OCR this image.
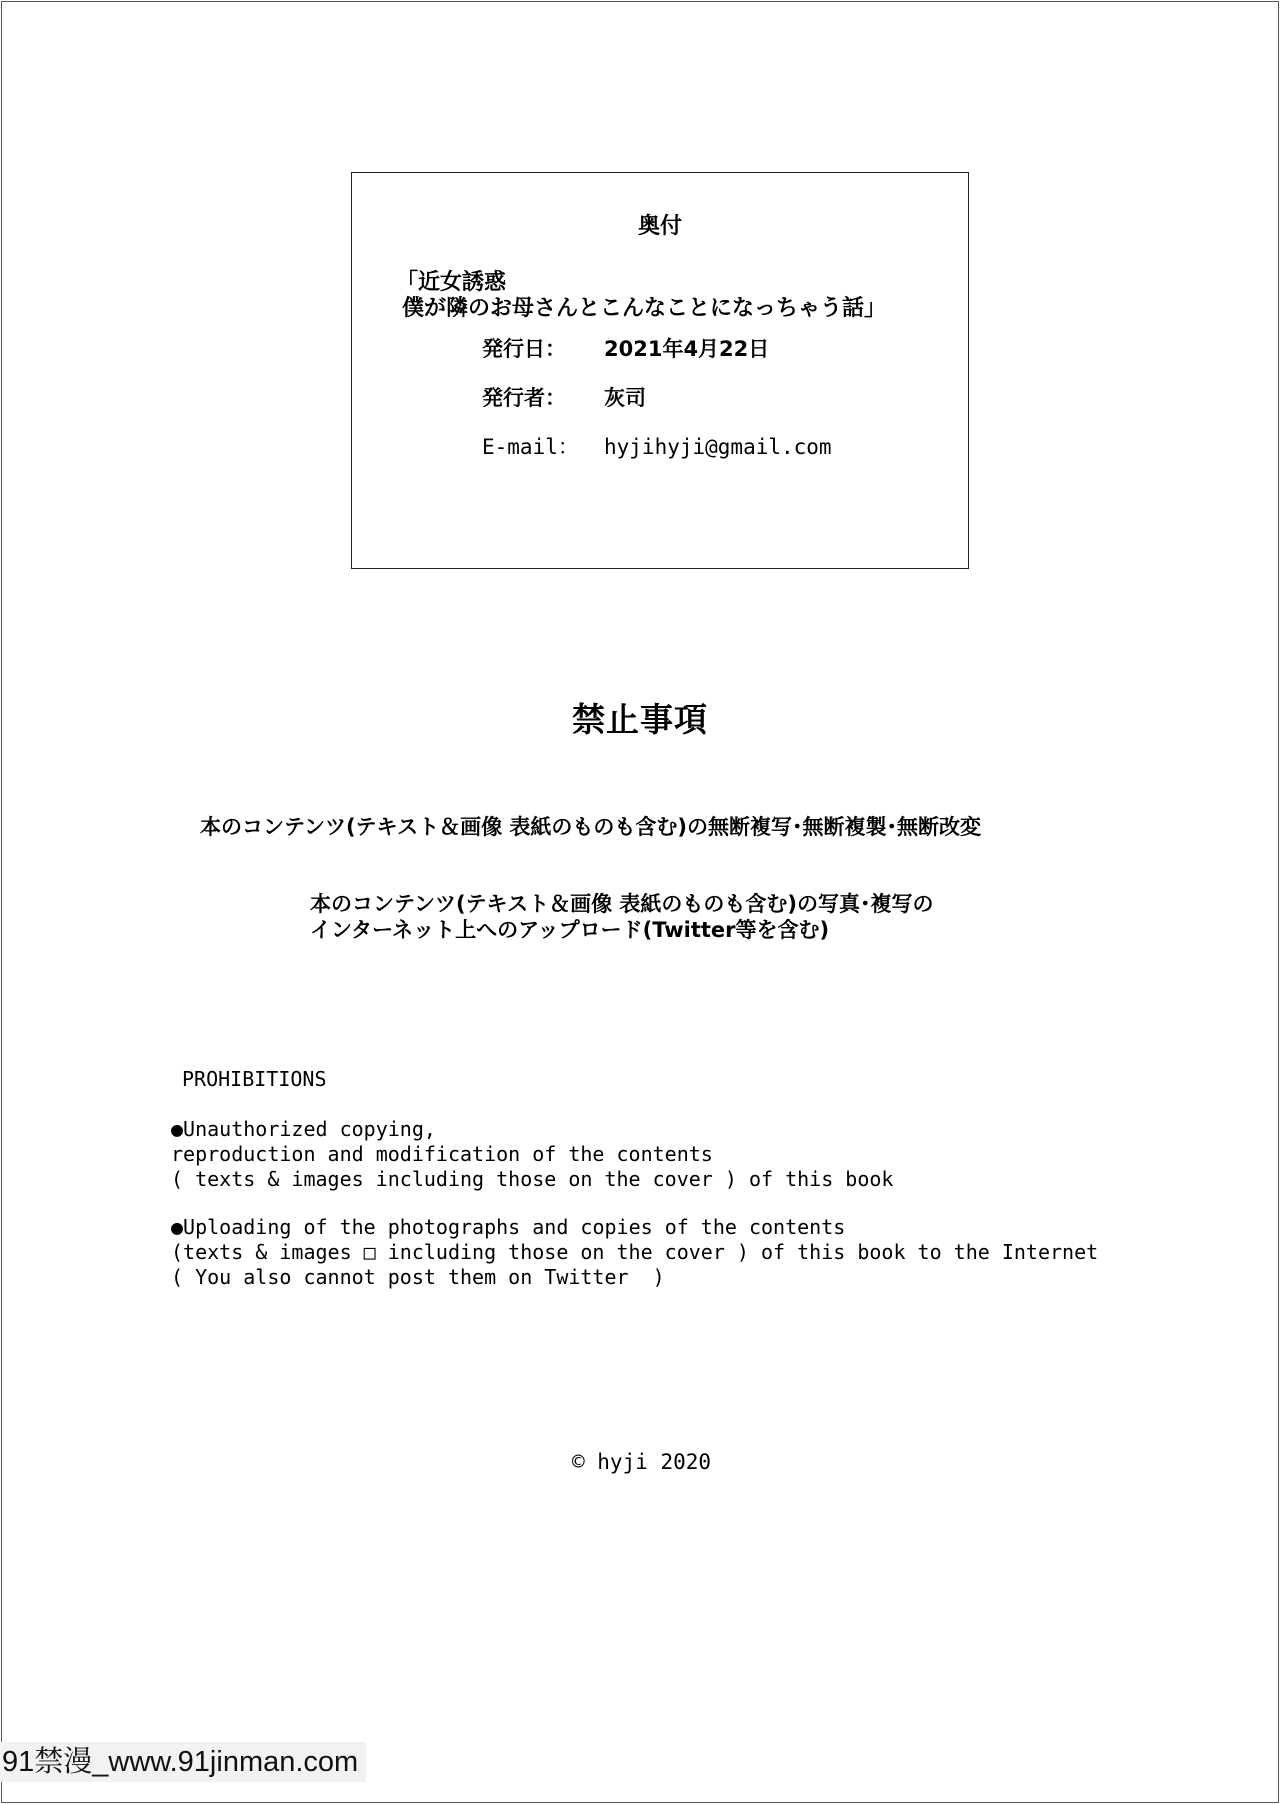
奥付
「近女誘惑
僕が隣のお母さんとこんなことになっちゃう話」
発行日： 2021年4月22日
発行者： 灰司
E-mail： hyjihyji@gmail.com
禁止事項
本のコンテンツ(テキスト＆画像 表紙のものも含む)の無断複写･無断複製･無断改変
本のコンテンツ(テキスト＆画像 表紙のものも含む)の写真･複写の
インターネット上へのアップロード(Twitter等を含む)
PROHIBITIONS
●Unauthorized copying,
reproduction and modification of the contents
( texts & images including those on the cover ) of this book
●Uploading of the photographs and copies of the contents
(texts & images □ including those on the cover ) of this book to the Internet
( You also cannot post them on Twitter  )
© hyji 2020
91禁漫_www.91jinman.com
